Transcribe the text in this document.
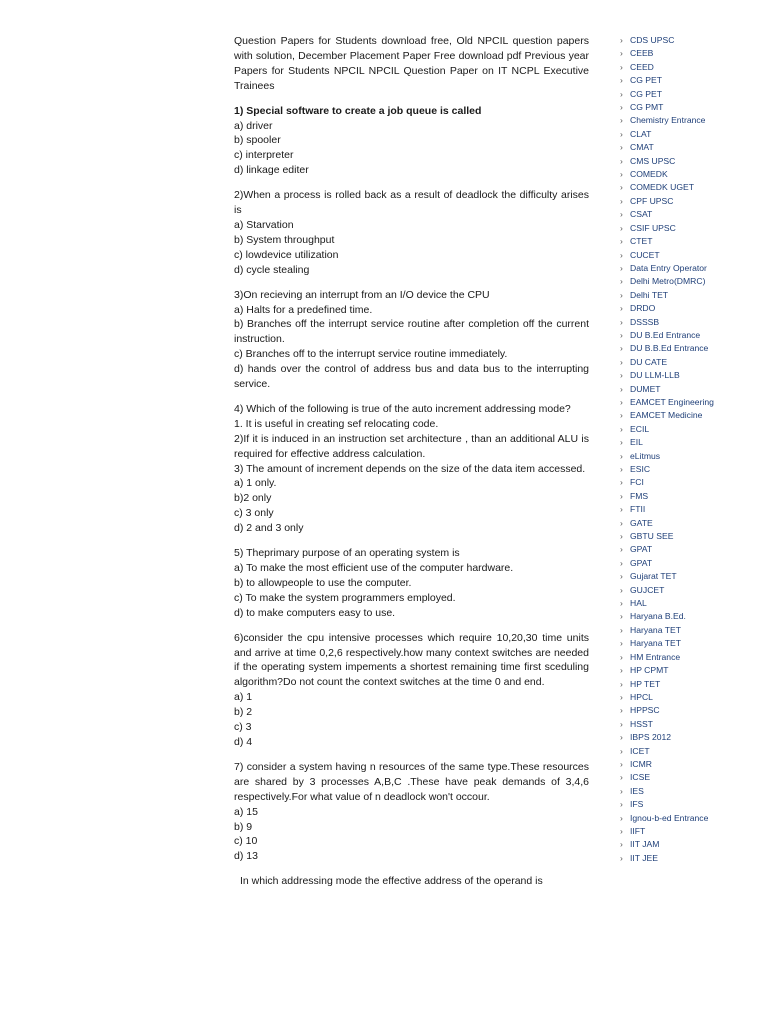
Question Papers for Students download free, Old NPCIL question papers with solution, December Placement Paper Free download pdf Previous year Papers for Students NPCIL NPCIL Question Paper on IT NCPL Executive Trainees

1) Special software to create a job queue is called

a) driver

b) spooler

c) interpreter

d) linkage editer

2)When a process is rolled back as a result of deadlock the difficulty arises is

a) Starvation

b) System throughput

c) lowdevice utilization

d) cycle stealing

3)On recieving an interrupt from an I/O device the CPU

a) Halts for a predefined time.

b) Branches off the interrupt service routine after completion off the current instruction.

c) Branches off to the interrupt service routine immediately.

d) hands over the control of address bus and data bus to the interrupting service.

4) Which of the following is true of the auto increment addressing mode?

1. It is useful in creating sef relocating code.

2)If it is induced in an instruction set architecture , than an additional ALU is required for effective address calculation.

3) The amount of increment depends on the size of the data item accessed.

a) 1 only.

b)2 only

c) 3 only

d) 2 and 3 only

5) Theprimary purpose of an operating system is

a) To make the most efficient use of the computer hardware.

b) to allowpeople to use the computer.

c) To make the system programmers employed.

d) to make computers easy to use.

6)consider the cpu intensive processes which require 10,20,30 time units and arrive at time 0,2,6 respectively.how many context switches are needed if the operating system impements a shortest remaining time first sceduling algorithm?Do not count the context switches at the time 0 and end.

a) 1

b) 2

c) 3

d) 4

7) consider a system having n resources of the same type.These resources are shared by 3 processes A,B,C .These have peak demands of 3,4,6 respectively.For what value of n deadlock won't occour.

a) 15

b) 9

c) 10

d) 13

In which addressing mode the effective address of the operand is

› CDS UPSC
› CEEB
› CEED
› CG PET
› CG PET
› CG PMT
› Chemistry Entrance
› CLAT
› CMAT
› CMS UPSC
› COMEDK
› COMEDK UGET
› CPF UPSC
› CSAT
› CSIF UPSC
› CTET
› CUCET
› Data Entry Operator
› Delhi Metro(DMRC)
› Delhi TET
› DRDO
› DSSSB
› DU B.Ed Entrance
› DU B.B.Ed Entrance
› DU CATE
› DU LLM-LLB
› DUMET
› EAMCET Engineering
› EAMCET Medicine
› ECIL
› EIL
› eLitmus
› ESIC
› FCI
› FMS
› FTII
› GATE
› GBTU SEE
› GPAT
› GPAT
› Gujarat TET
› GUJCET
› HAL
› Haryana B.Ed.
› Haryana TET
› Haryana TET
› HM Entrance
› HP CPMT
› HP TET
› HPCL
› HPPSC
› HSST
› IBPS 2012
› ICET
› ICMR
› ICSE
› IES
› IFS
› Ignou-b-ed Entrance
› IIFT
› IIT JAM
› IIT JEE
